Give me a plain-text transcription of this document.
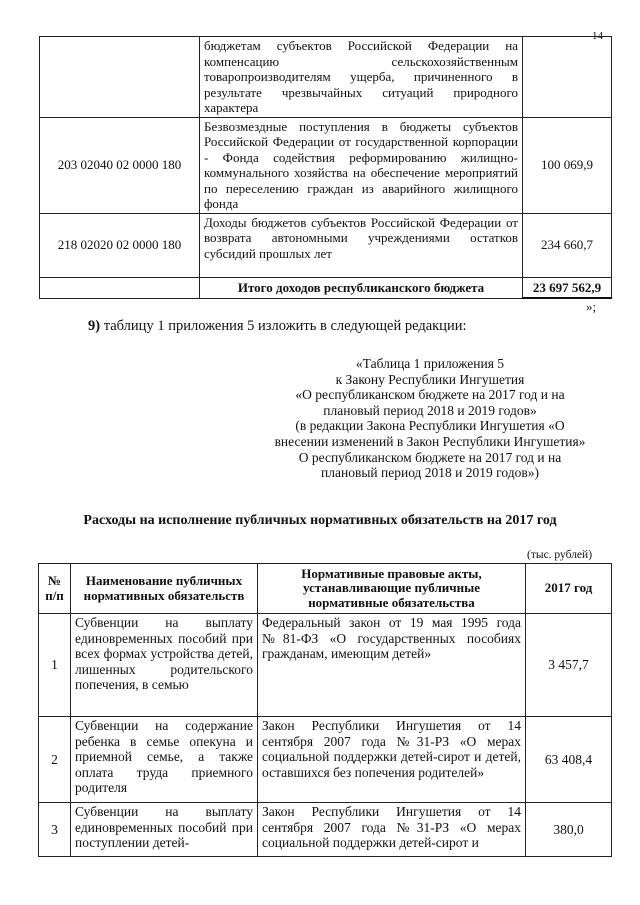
14
	бюджетам субъектов Российской Федерации на компенсацию сельскохозяйственным товаропроизводителям ущерба, причиненного в результате чрезвычайных ситуаций природного характера	
203 02040 02 0000 180	Безвозмездные поступления в бюджеты субъектов Российской Федерации от государственной корпорации - Фонда содействия реформированию жилищно-коммунального хозяйства на обеспечение мероприятий по переселению граждан из аварийного жилищного фонда	100 069,9
218 02020 02 0000 180	Доходы бюджетов субъектов Российской Федерации от возврата автономными учреждениями остатков субсидий прошлых лет	234 660,7
	Итого доходов республиканского бюджета	23 697 562,9
»;
9) таблицу 1 приложения 5 изложить в следующей редакции:
«Таблица 1 приложения 5
к Закону Республики Ингушетия
«О республиканском бюджете на 2017 год и на
плановый период 2018 и 2019 годов»
(в редакции Закона Республики Ингушетия «О
внесении изменений в Закон Республики Ингушетия»
О республиканском бюджете на 2017 год и на
плановый период 2018 и 2019 годов»)
Расходы на исполнение публичных нормативных обязательств на 2017 год
(тыс. рублей)
№ п/п	Наименование публичных нормативных обязательств	Нормативные правовые акты, устанавливающие публичные нормативные обязательства	2017 год
1	Субвенции на выплату единовременных пособий при всех формах устройства детей, лишенных родительского попечения, в семью	Федеральный закон от 19 мая 1995 года №81-ФЗ «О государственных пособиях гражданам, имеющим детей»	3 457,7
2	Субвенции на содержание ребенка в семье опекуна и приемной семье, а также оплата труда приемного родителя	Закон Республики Ингушетия от 14 сентября 2007 года №31-РЗ «О мерах социальной поддержки детей-сирот и детей, оставшихся без попечения родителей»	63 408,4
3	Субвенции на выплату единовременных пособий при поступлении детей-	Закон Республики Ингушетия от 14 сентября 2007 года №31-РЗ «О мерах социальной поддержки детей-сирот и	380,0
